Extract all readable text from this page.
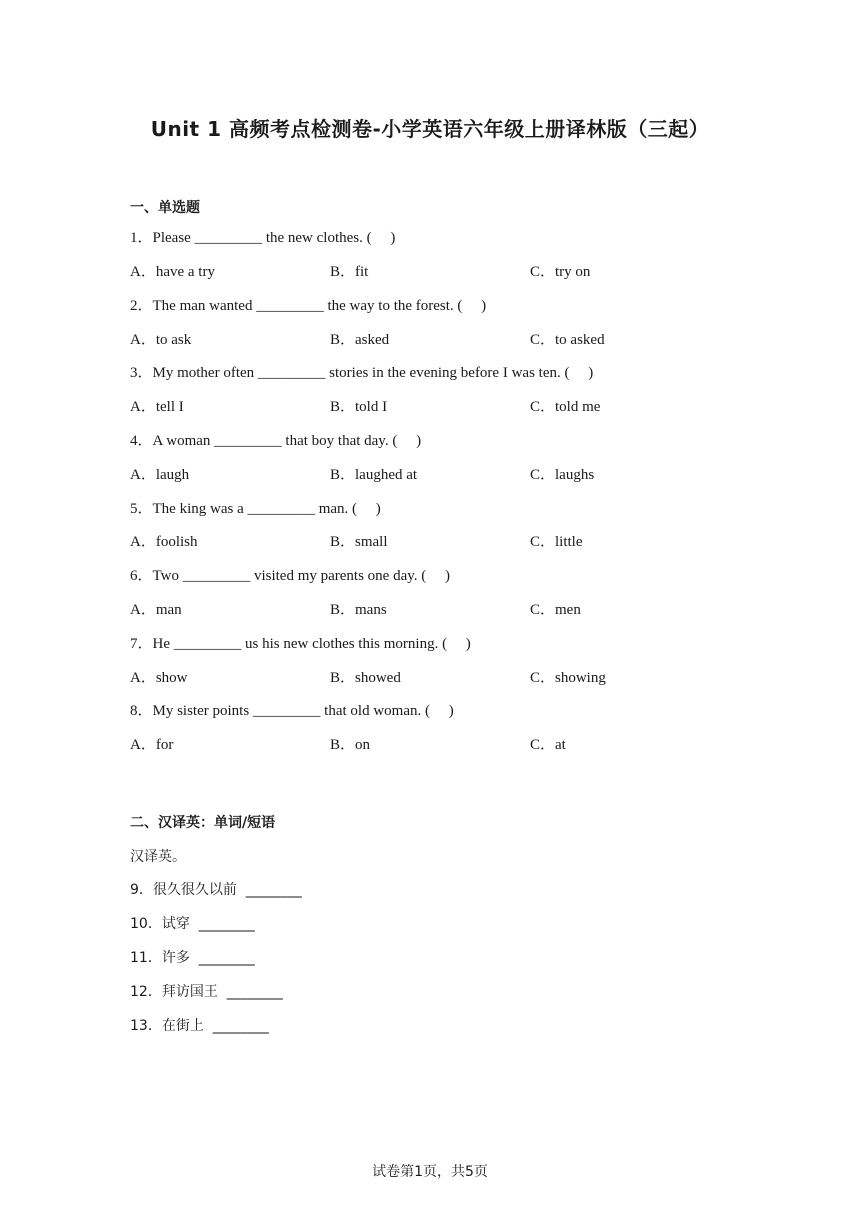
Unit 1 高频考点检测卷-小学英语六年级上册译林版（三起）
一、单选题
1．Please _________ the new clothes. (     )
A．have a try	B．fit	C．try on
2．The man wanted _________ the way to the forest. (     )
A．to ask	B．asked	C．to asked
3．My mother often _________ stories in the evening before I was ten. (     )
A．tell I	B．told I	C．told me
4．A woman _________ that boy that day. (     )
A．laugh	B．laughed at	C．laughs
5．The king was a _________ man. (     )
A．foolish	B．small	C．little
6．Two _________ visited my parents one day. (     )
A．man	B．mans	C．men
7．He _________ us his new clothes this morning. (     )
A．show	B．showed	C．showing
8．My sister points _________ that old woman. (     )
A．for	B．on	C．at
二、汉译英：单词/短语
汉译英。
9．很久很久以前  ________
10．试穿  ________
11．许多  ________
12．拜访国王  ________
13．在街上  ________
试卷第1页，共5页
